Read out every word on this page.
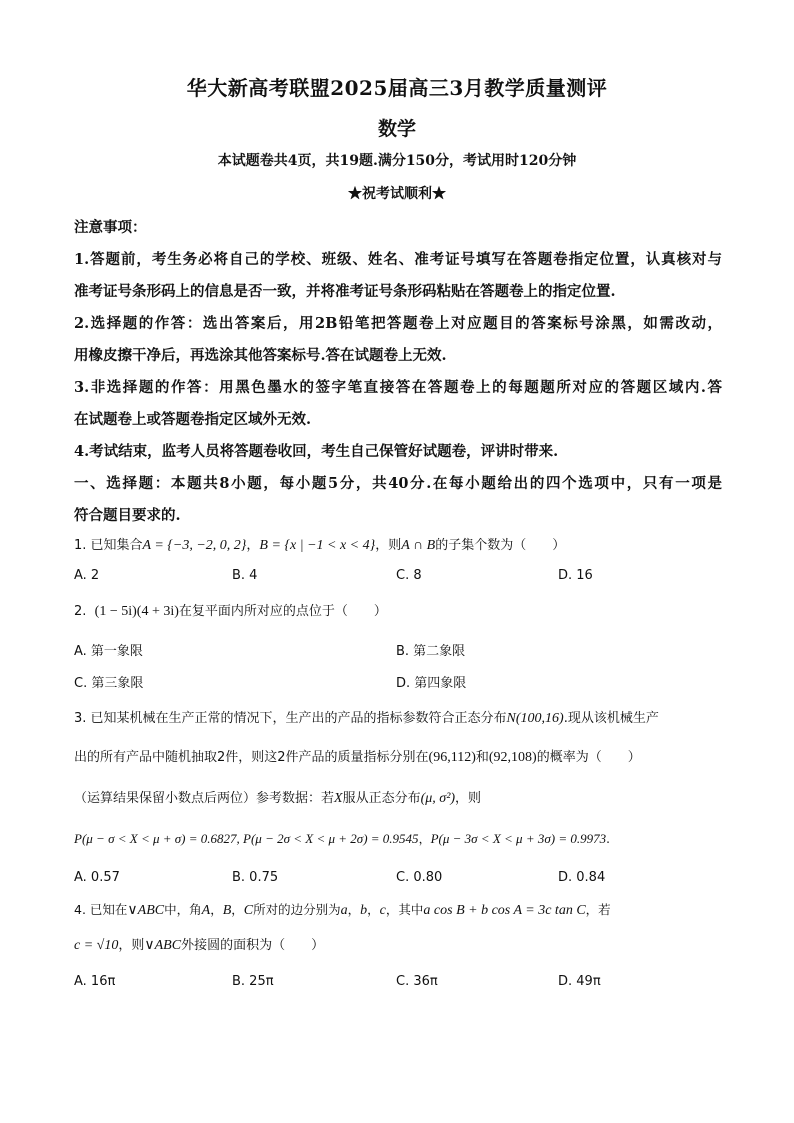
华大新高考联盟2025届高三3月教学质量测评
数学
本试题卷共4页，共19题.满分150分，考试用时120分钟
★祝考试顺利★

注意事项：

1.答题前，考生务必将自己的学校、班级、姓名、准考证号填写在答题卷指定位置，认真核对与

准考证号条形码上的信息是否一致，并将准考证号条形码粘贴在答题卷上的指定位置.

2.选择题的作答：选出答案后，用2B铅笔把答题卷上对应题目的答案标号涂黑，如需改动，

用橡皮擦干净后，再选涂其他答案标号.答在试题卷上无效.

3.非选择题的作答：用黑色墨水的签字笔直接答在答题卷上的每题题所对应的答题区域内.答

在试题卷上或答题卷指定区域外无效.

4.考试结束，监考人员将答题卷收回，考生自己保管好试题卷，评讲时带来.

一、选择题：本题共8小题，每小题5分，共40分.在每小题给出的四个选项中，只有一项是

符合题目要求的.

1. 已知集合A = {−3, −2, 0, 2}，B = {x | −1 < x < 4}，则A ∩ B的子集个数为（　　）
A. 2	B. 4	C. 8	D. 16
2.  (1 − 5i)(4 + 3i)在复平面内所对应的点位于（　　）
A. 第一象限	B. 第二象限
C. 第三象限	D. 第四象限
3. 已知某机械在生产正常的情况下，生产出的产品的指标参数符合正态分布N(100,16).现从该机械生产
出的所有产品中随机抽取2件，则这2件产品的质量指标分别在(96,112)和(92,108)的概率为（　　）
（运算结果保留小数点后两位）参考数据：若X服从正态分布(μ, σ²)，则
P(μ − σ < X < μ + σ) = 0.6827, P(μ − 2σ < X < μ + 2σ) = 0.9545，P(μ − 3σ < X < μ + 3σ) = 0.9973.
A. 0.57	B. 0.75	C. 0.80	D. 0.84
4. 已知在∨ABC中，角A，B，C所对的边分别为a，b，c，其中a cos B + b cos A = 3c tan C，若
c = √10，则∨ABC外接圆的面积为（　　）
A. 16π	B. 25π	C. 36π	D. 49π
